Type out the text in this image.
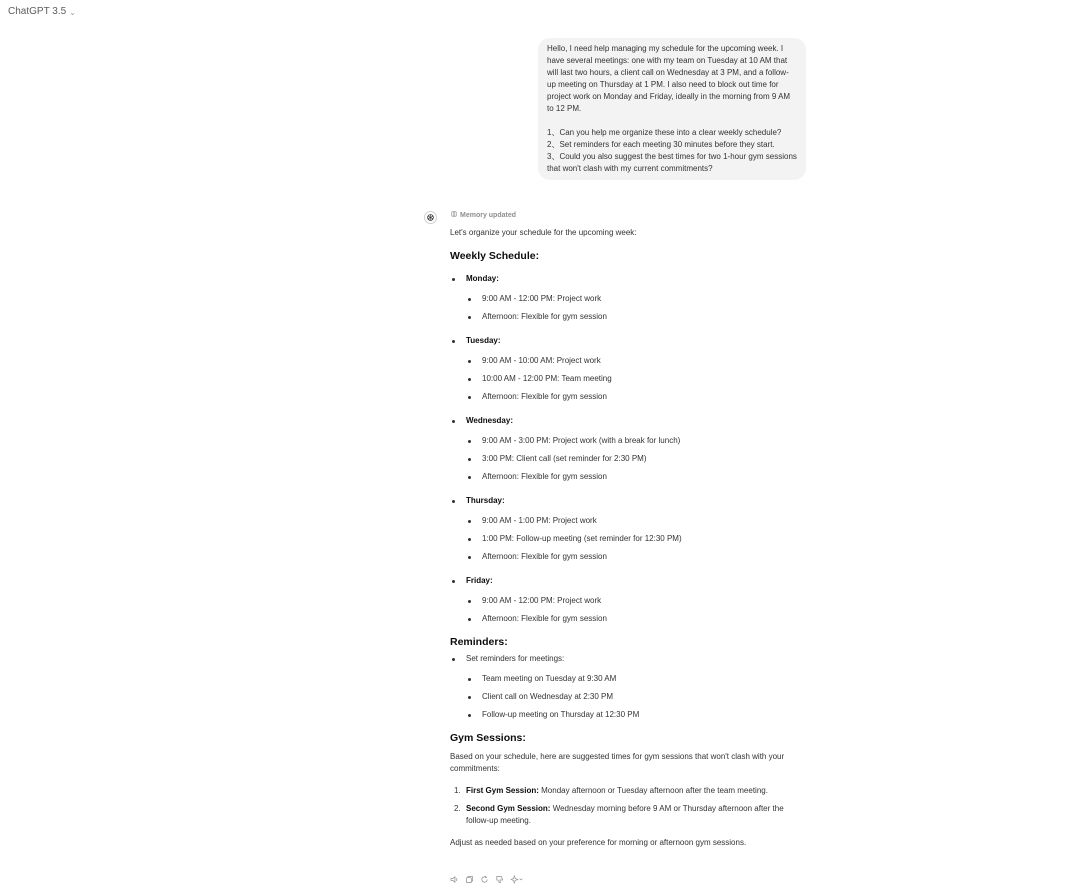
ChatGPT 3.5 ⌄

Hello, I need help managing my schedule for the upcoming week. I have several meetings: one with my team on Tuesday at 10 AM that will last two hours, a client call on Wednesday at 3 PM, and a follow-up meeting on Thursday at 1 PM. I also need to block out time for project work on Monday and Friday, ideally in the morning from 9 AM to 12 PM.

1、Can you help me organize these into a clear weekly schedule?

2、Set reminders for each meeting 30 minutes before they start.

3、Could you also suggest the best times for two 1-hour gym sessions that won't clash with my current commitments?

Memory updated

Let's organize your schedule for the upcoming week:

Weekly Schedule:
Monday:
9:00 AM - 12:00 PM: Project work
Afternoon: Flexible for gym session
Tuesday:
9:00 AM - 10:00 AM: Project work
10:00 AM - 12:00 PM: Team meeting
Afternoon: Flexible for gym session
Wednesday:
9:00 AM - 3:00 PM: Project work (with a break for lunch)
3:00 PM: Client call (set reminder for 2:30 PM)
Afternoon: Flexible for gym session
Thursday:
9:00 AM - 1:00 PM: Project work
1:00 PM: Follow-up meeting (set reminder for 12:30 PM)
Afternoon: Flexible for gym session
Friday:
9:00 AM - 12:00 PM: Project work
Afternoon: Flexible for gym session
Reminders:
Set reminders for meetings:
Team meeting on Tuesday at 9:30 AM
Client call on Wednesday at 2:30 PM
Follow-up meeting on Thursday at 12:30 PM
Gym Sessions:

Based on your schedule, here are suggested times for gym sessions that won't clash with your commitments:

1. First Gym Session: Monday afternoon or Tuesday afternoon after the team meeting.
2. Second Gym Session: Wednesday morning before 9 AM or Thursday afternoon after the follow-up meeting.

Adjust as needed based on your preference for morning or afternoon gym sessions.
